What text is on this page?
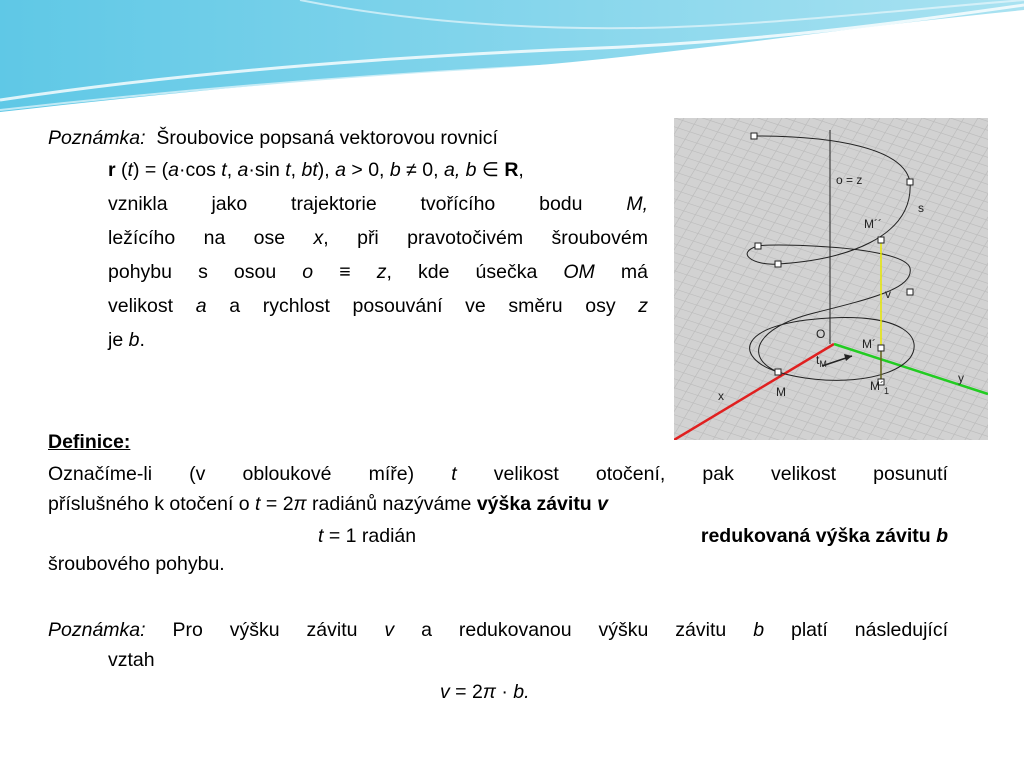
Poznámka: Šroubovice popsaná vektorovou rovnicí
r (t) = (a·cos t, a·sin t, bt), a > 0, b ≠ 0, a, b ∈ R,
vznikla jako trajektorie tvořícího bodu M,
ležícího na ose x, při pravotočivém šroubovém
pohybu s osou o ≡ z, kde úsečka OM má
velikost a a rychlost posouvání ve směru osy z
je b.
o = z
s
M´´
v
O
M´
$t_M$
x	M	$M´_1$
y
Definice:
Označíme-li (v obloukové míře) t velikost otočení, pak velikost posunutí
příslušného k otočení o t = 2π radiánů nazýváme výška závitu v
t = 1 radián	redukovaná výška závitu b
šroubového pohybu.
Poznámka: Pro výšku závitu v a redukovanou výšku závitu b platí následující
vztah
v = 2π · b.
